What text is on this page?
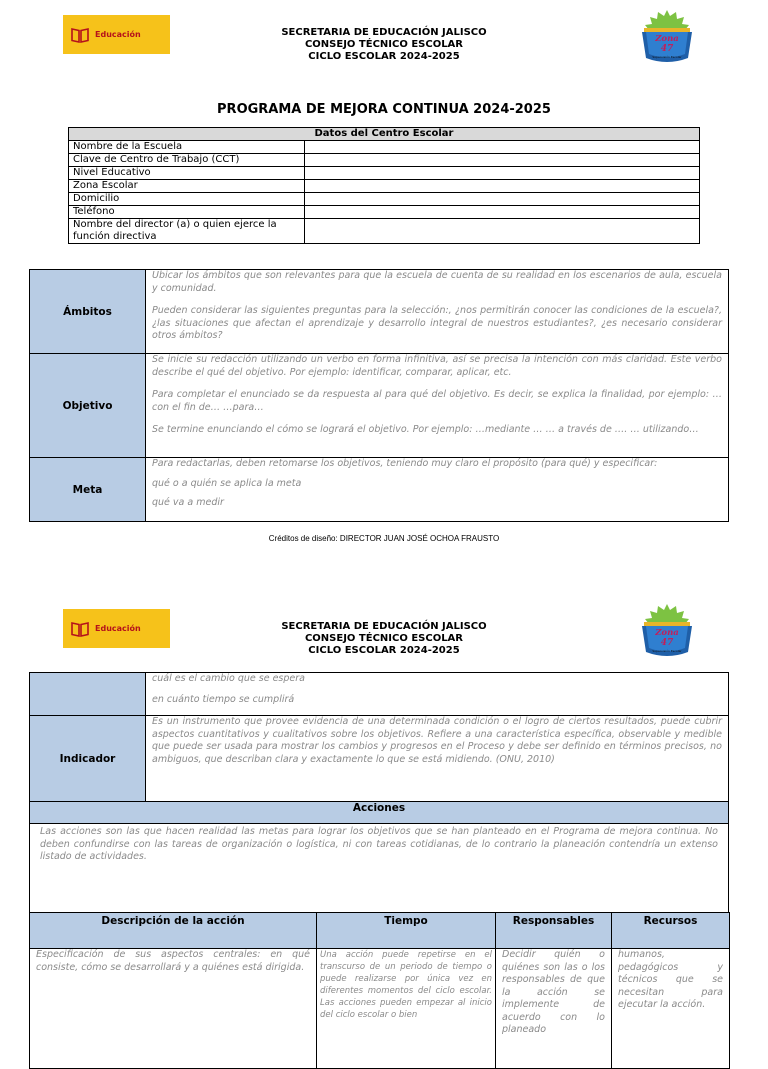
Educación	SECRETARIA DE EDUCACIÓN JALISCO
CONSEJO TÉCNICO ESCOLAR
CICLO ESCOLAR 2024-2025
Zona
47
Supervisión Escolar
PROGRAMA DE MEJORA CONTINUA 2024-2025
Datos del Centro Escolar	
Nombre de la Escuela	
Clave de Centro de Trabajo (CCT)	
Nivel Educativo	
Zona Escolar	
Domicilio	
Teléfono	
Nombre del director (a) o quien ejerce la función directiva	
Ámbitos	Ubicar los ámbitos que son relevantes para que la escuela de cuenta de su realidad en los escenarios de aula, escuela y comunidad.

Pueden considerar las siguientes preguntas para la selección:, ¿nos permitirán conocer las condiciones de la escuela?, ¿las situaciones que afectan el aprendizaje y desarrollo integral de nuestros estudiantes?, ¿es necesario considerar otros ámbitos?

Objetivo	Se inicie su redacción utilizando un verbo en forma infinitiva, así se precisa la intención con más claridad. Este verbo describe el qué del objetivo. Por ejemplo: identificar, comparar, aplicar, etc.

Para completar el enunciado se da respuesta al para qué del objetivo. Es decir, se explica la finalidad, por ejemplo: …con el fin de… …para…

Se termine enunciando el cómo se logrará el objetivo. Por ejemplo: …mediante … … a través de …. … utilizando…

Meta	Para redactarlas, deben retomarse los objetivos, teniendo muy claro el propósito (para qué) y especificar:

qué o a quién se aplica la meta

qué va a medir

Créditos de diseño: DIRECTOR JUAN JOSÉ OCHOA FRAUSTO
Educación	SECRETARIA DE EDUCACIÓN JALISCO
CONSEJO TÉCNICO ESCOLAR
CICLO ESCOLAR 2024-2025
Zona
47
Supervisión Escolar

	cuál es el cambio que se espera

en cuánto tiempo se cumplirá

Indicador	Es un instrumento que provee evidencia de una determinada condición o el logro de ciertos resultados, puede cubrir aspectos cuantitativos y cualitativos sobre los objetivos. Refiere a una característica específica, observable y medible que puede ser usada para mostrar los cambios y progresos en el Proceso y debe ser definido en términos precisos, no ambiguos, que describan clara y exactamente lo que se está midiendo. (ONU, 2010)
Acciones	
Las acciones son las que hacen realidad las metas para lograr los objetivos que se han planteado en el Programa de mejora continua. No deben confundirse con las tareas de organización o logística, ni con tareas cotidianas, de lo contrario la planeación contendría un extenso listado de actividades.	
Descripción de la acción	Tiempo	Responsables	Recursos
Especificación de sus aspectos centrales: en qué consiste, cómo se desarrollará y a quiénes está dirigida.	Una acción puede repetirse en el transcurso de un periodo de tiempo o puede realizarse por única vez en diferentes momentos del ciclo escolar. Las acciones pueden empezar al inicio del ciclo escolar o bien	Decidir quién o quiénes son las o los responsables de que la acción se implemente de acuerdo con lo planeado	humanos, pedagógicos y técnicos que se necesitan para ejecutar la acción.
